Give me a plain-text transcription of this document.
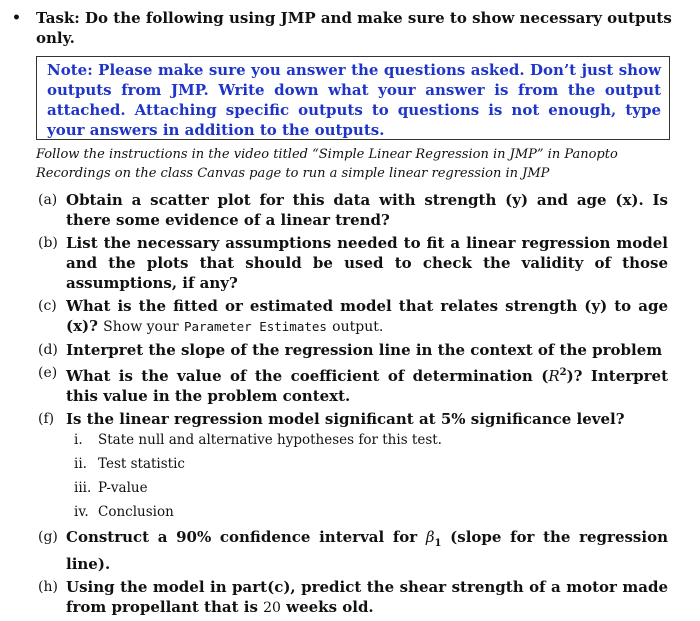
• Task: Do the following using JMP and make sure to show necessary outputs only.
Note: Please make sure you answer the questions asked. Don’t just show outputs from JMP. Write down what your answer is from the output attached. Attaching specific outputs to questions is not enough, type your answers in addition to the outputs.
Follow the instructions in the video titled “Simple Linear Regression in JMP” in Panopto Recordings on the class Canvas page to run a simple linear regression in JMP
(a) Obtain a scatter plot for this data with strength (y) and age (x). Is there some evidence of a linear trend?
(b) List the necessary assumptions needed to fit a linear regression model and the plots that should be used to check the validity of those assumptions, if any?
(c) What is the fitted or estimated model that relates strength (y) to age (x)? Show your Parameter Estimates output.
(d) Interpret the slope of the regression line in the context of the problem
(e) What is the value of the coefficient of determination $(R^2)$? Interpret this value in the problem context.
(f) Is the linear regression model significant at 5% significance level?
i.	State null and alternative hypotheses for this test.
ii. Test statistic
iii. P-value
iv. Conclusion
(g) Construct a 90% confidence interval for $\beta_1$ (slope for the regression line).
(h) Using the model in part(c), predict the shear strength of a motor made from propellant that is 20 weeks old.
